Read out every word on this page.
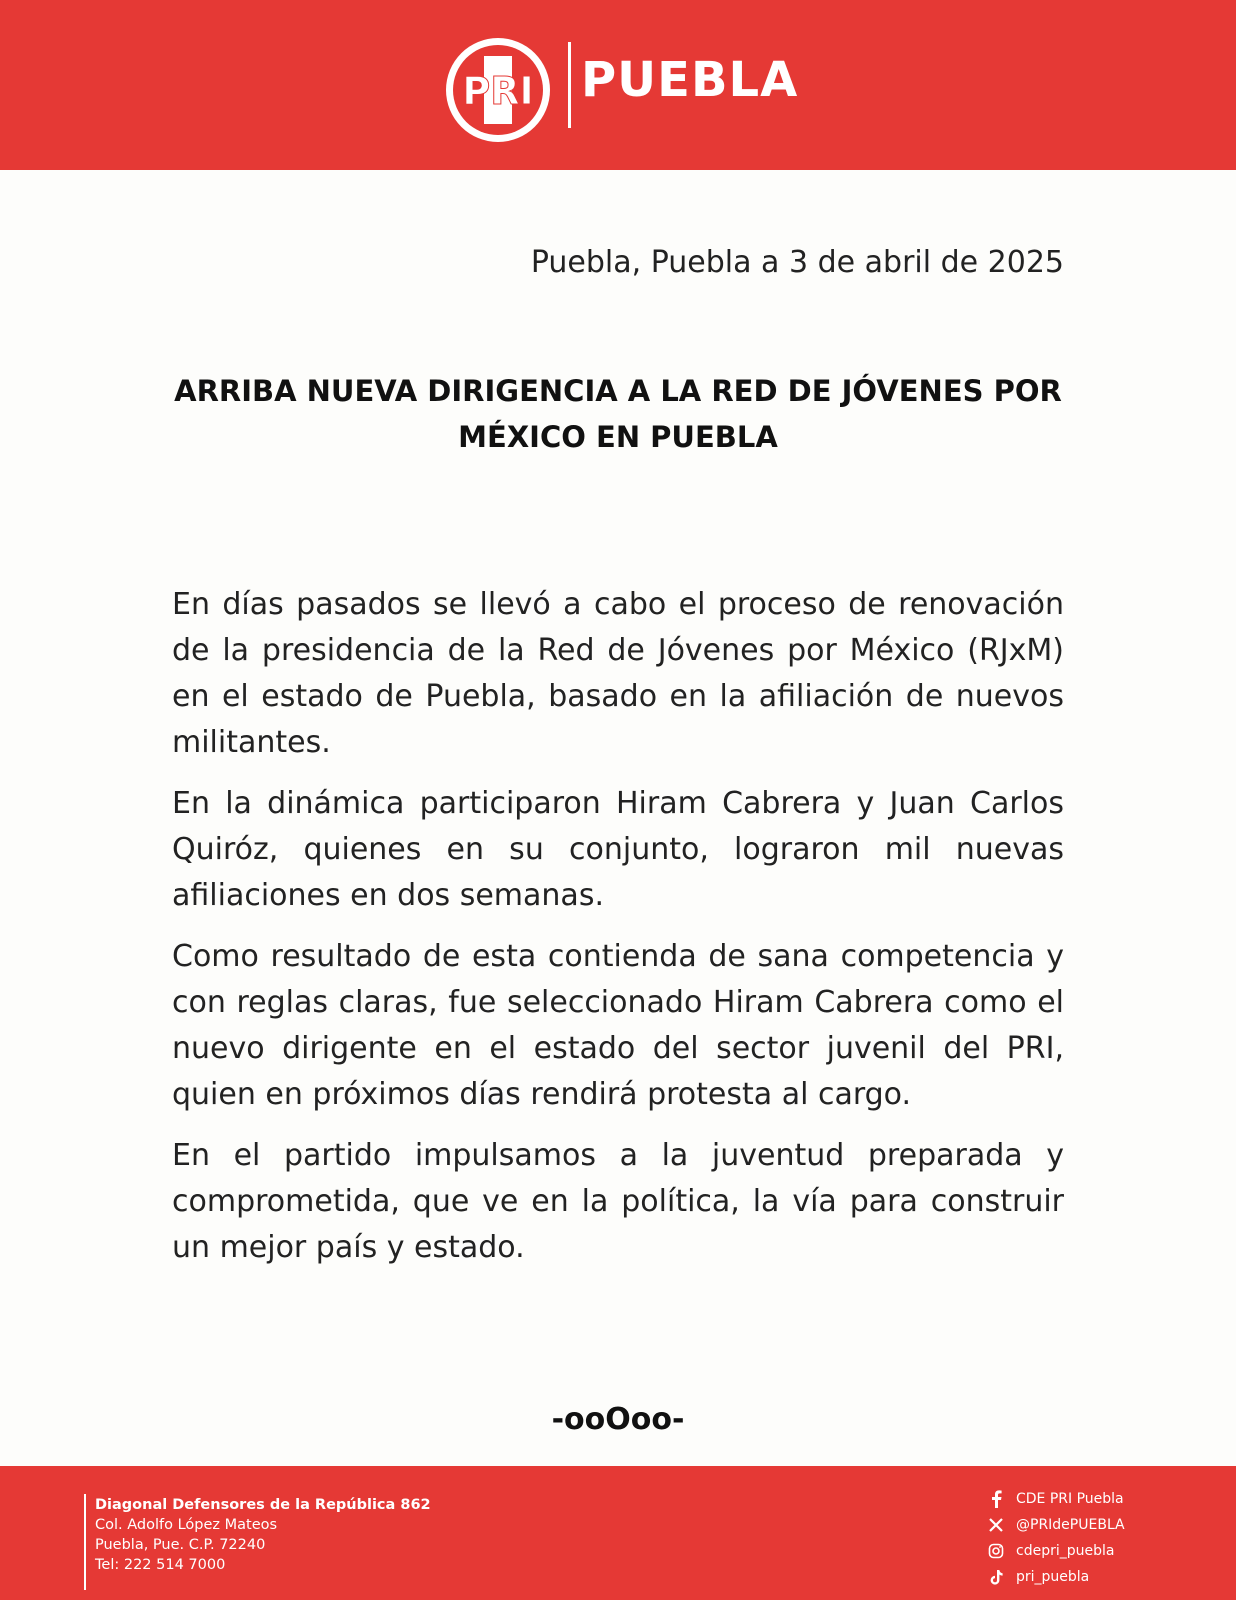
PRI PUEBLA
Puebla, Puebla a 3 de abril de 2025
ARRIBA NUEVA DIRIGENCIA A LA RED DE JÓVENES POR
MÉXICO EN PUEBLA

En días pasados se llevó a cabo el proceso de renovación de la presidencia de la Red de Jóvenes por México (RJxM) en el estado de Puebla, basado en la afiliación de nuevos militantes.

En la dinámica participaron Hiram Cabrera y Juan Carlos Quiróz, quienes en su conjunto, lograron mil nuevas afiliaciones en dos semanas.

Como resultado de esta contienda de sana competencia y con reglas claras, fue seleccionado Hiram Cabrera como el nuevo dirigente en el estado del sector juvenil del PRI, quien en próximos días rendirá protesta al cargo.

En el partido impulsamos a la juventud preparada y comprometida, que ve en la política, la vía para construir un mejor país y estado.

-ooOoo-
Diagonal Defensores de la República 862
Col. Adolfo López Mateos
Puebla, Pue. C.P. 72240
Tel: 222 514 7000
CDE PRI Puebla
@PRIdePUEBLA
cdepri_puebla
pri_puebla
